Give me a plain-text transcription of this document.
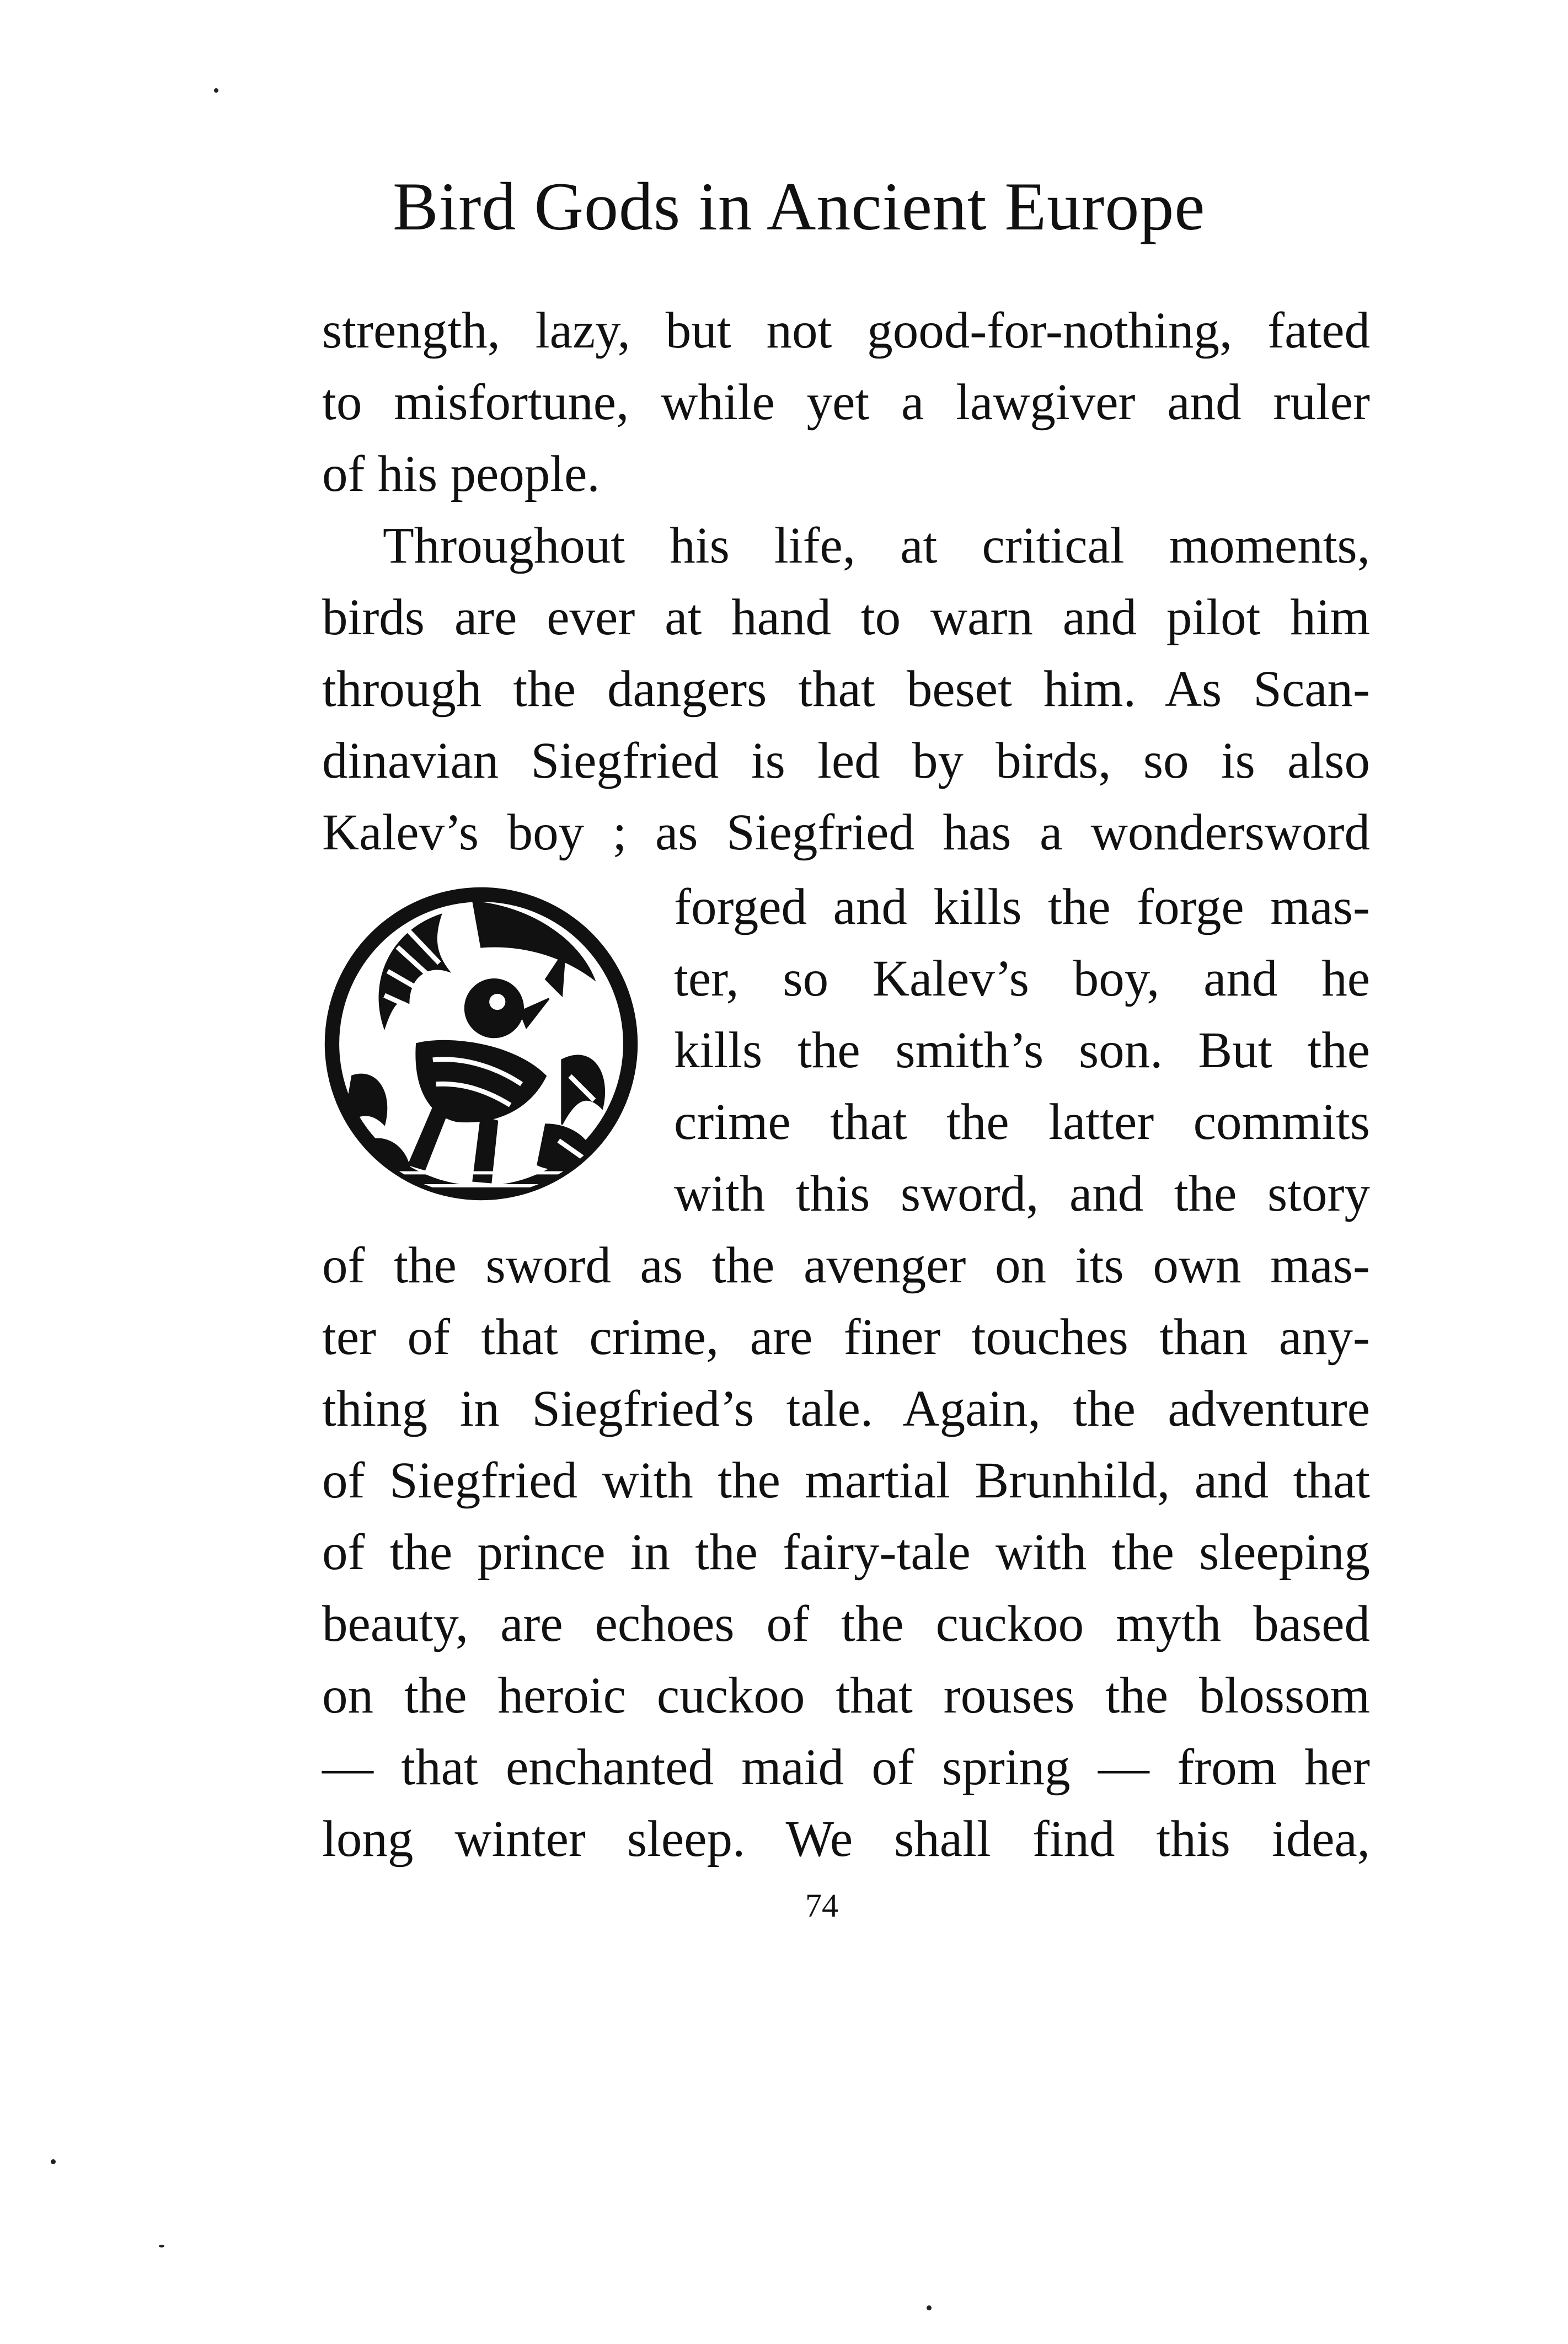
Bird Gods in Ancient Europe
strength, lazy, but not good-for-nothing, fated
to misfortune, while yet a lawgiver and ruler
of his people.
Throughout his life, at critical moments,
birds are ever at hand to warn and pilot him
through the dangers that beset him. As Scan-
dinavian Siegfried is led by birds, so is also
Kalev’s boy ; as Siegfried has a wondersword
forged and kills the forge mas-
ter, so Kalev’s boy, and he
kills the smith’s son. But the
crime that the latter commits
with this sword, and the story
of the sword as the avenger on its own mas-
ter of that crime, are finer touches than any-
thing in Siegfried’s tale. Again, the adventure
of Siegfried with the martial Brunhild, and that
of the prince in the fairy-tale with the sleeping
beauty, are echoes of the cuckoo myth based
on the heroic cuckoo that rouses the blossom
— that enchanted maid of spring — from her
long winter sleep. We shall find this idea,
74
